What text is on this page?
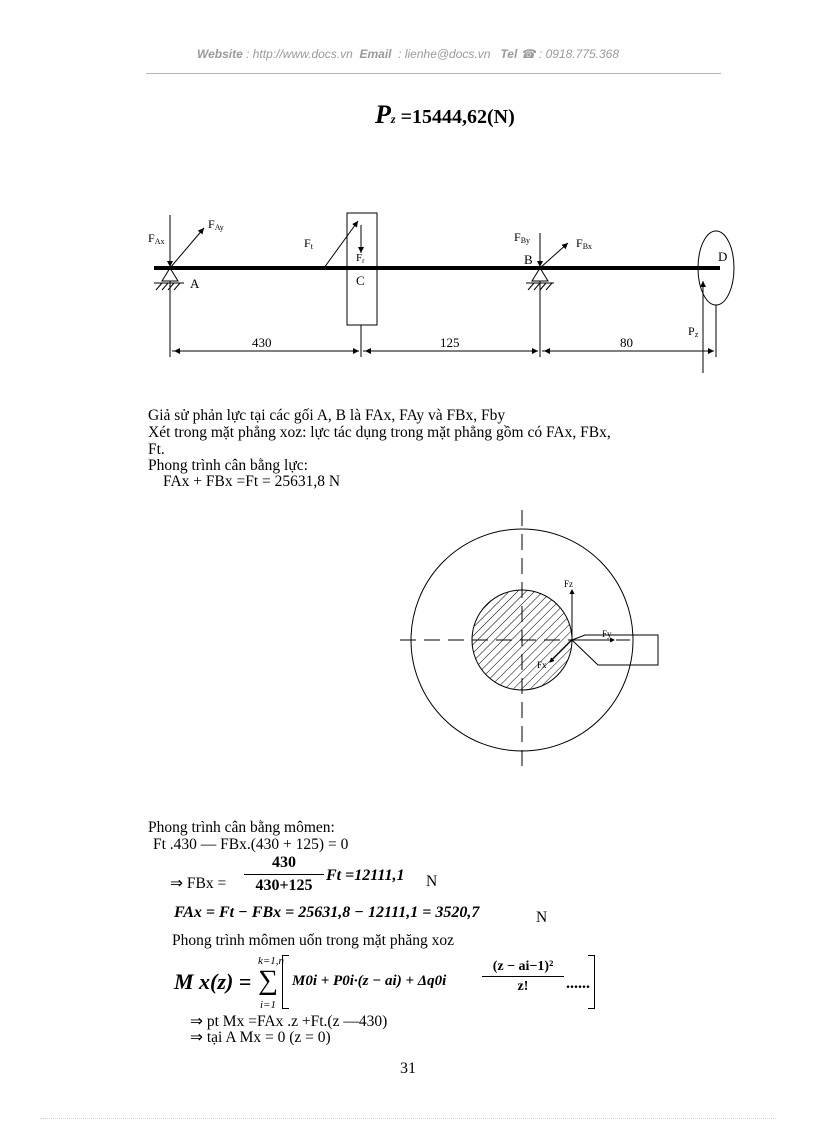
Website : http://www.docs.vn Email : lienhe@docs.vn Tel ☎ : 0918.775.368
Pz =15444,62(N)
FAx
FAy
Ft
Fr
FBy	FBx
A
B
C
D
Pz
430	125	80
Giả sử phản lực tại các gối A, B là FAx, FAy và FBx, Fby
Xét trong mặt phẳng xoz: lực tác dụng trong mặt phẳng gồm có FAx, FBx,
Ft.
Phong trình cân bằng lực:
FAx + FBx =Ft = 25631,8 N
Fz
Fy
Fx
Phong trình cân bằng mômen:
Ft .430 — FBx.(430 + 125) = 0
⇒ FBx = $\frac{430}{430+125}$ Ft =12111,1 N
FAx = Ft − FBx = 25631,8 − 12111,1 = 3520,7	N
Phong trình mômen uốn trong mặt phăng xoz
M x(z) =
k=1,n
∑
i=1
M0i + P0i·(z − ai) + Δq0i	$\frac{\text{(z − ai−1)²}}{z!}$ ......
⇒ pt Mx =FAx .z +Ft.(z —430)
⇒ tại A Mx = 0 (z = 0)
31
